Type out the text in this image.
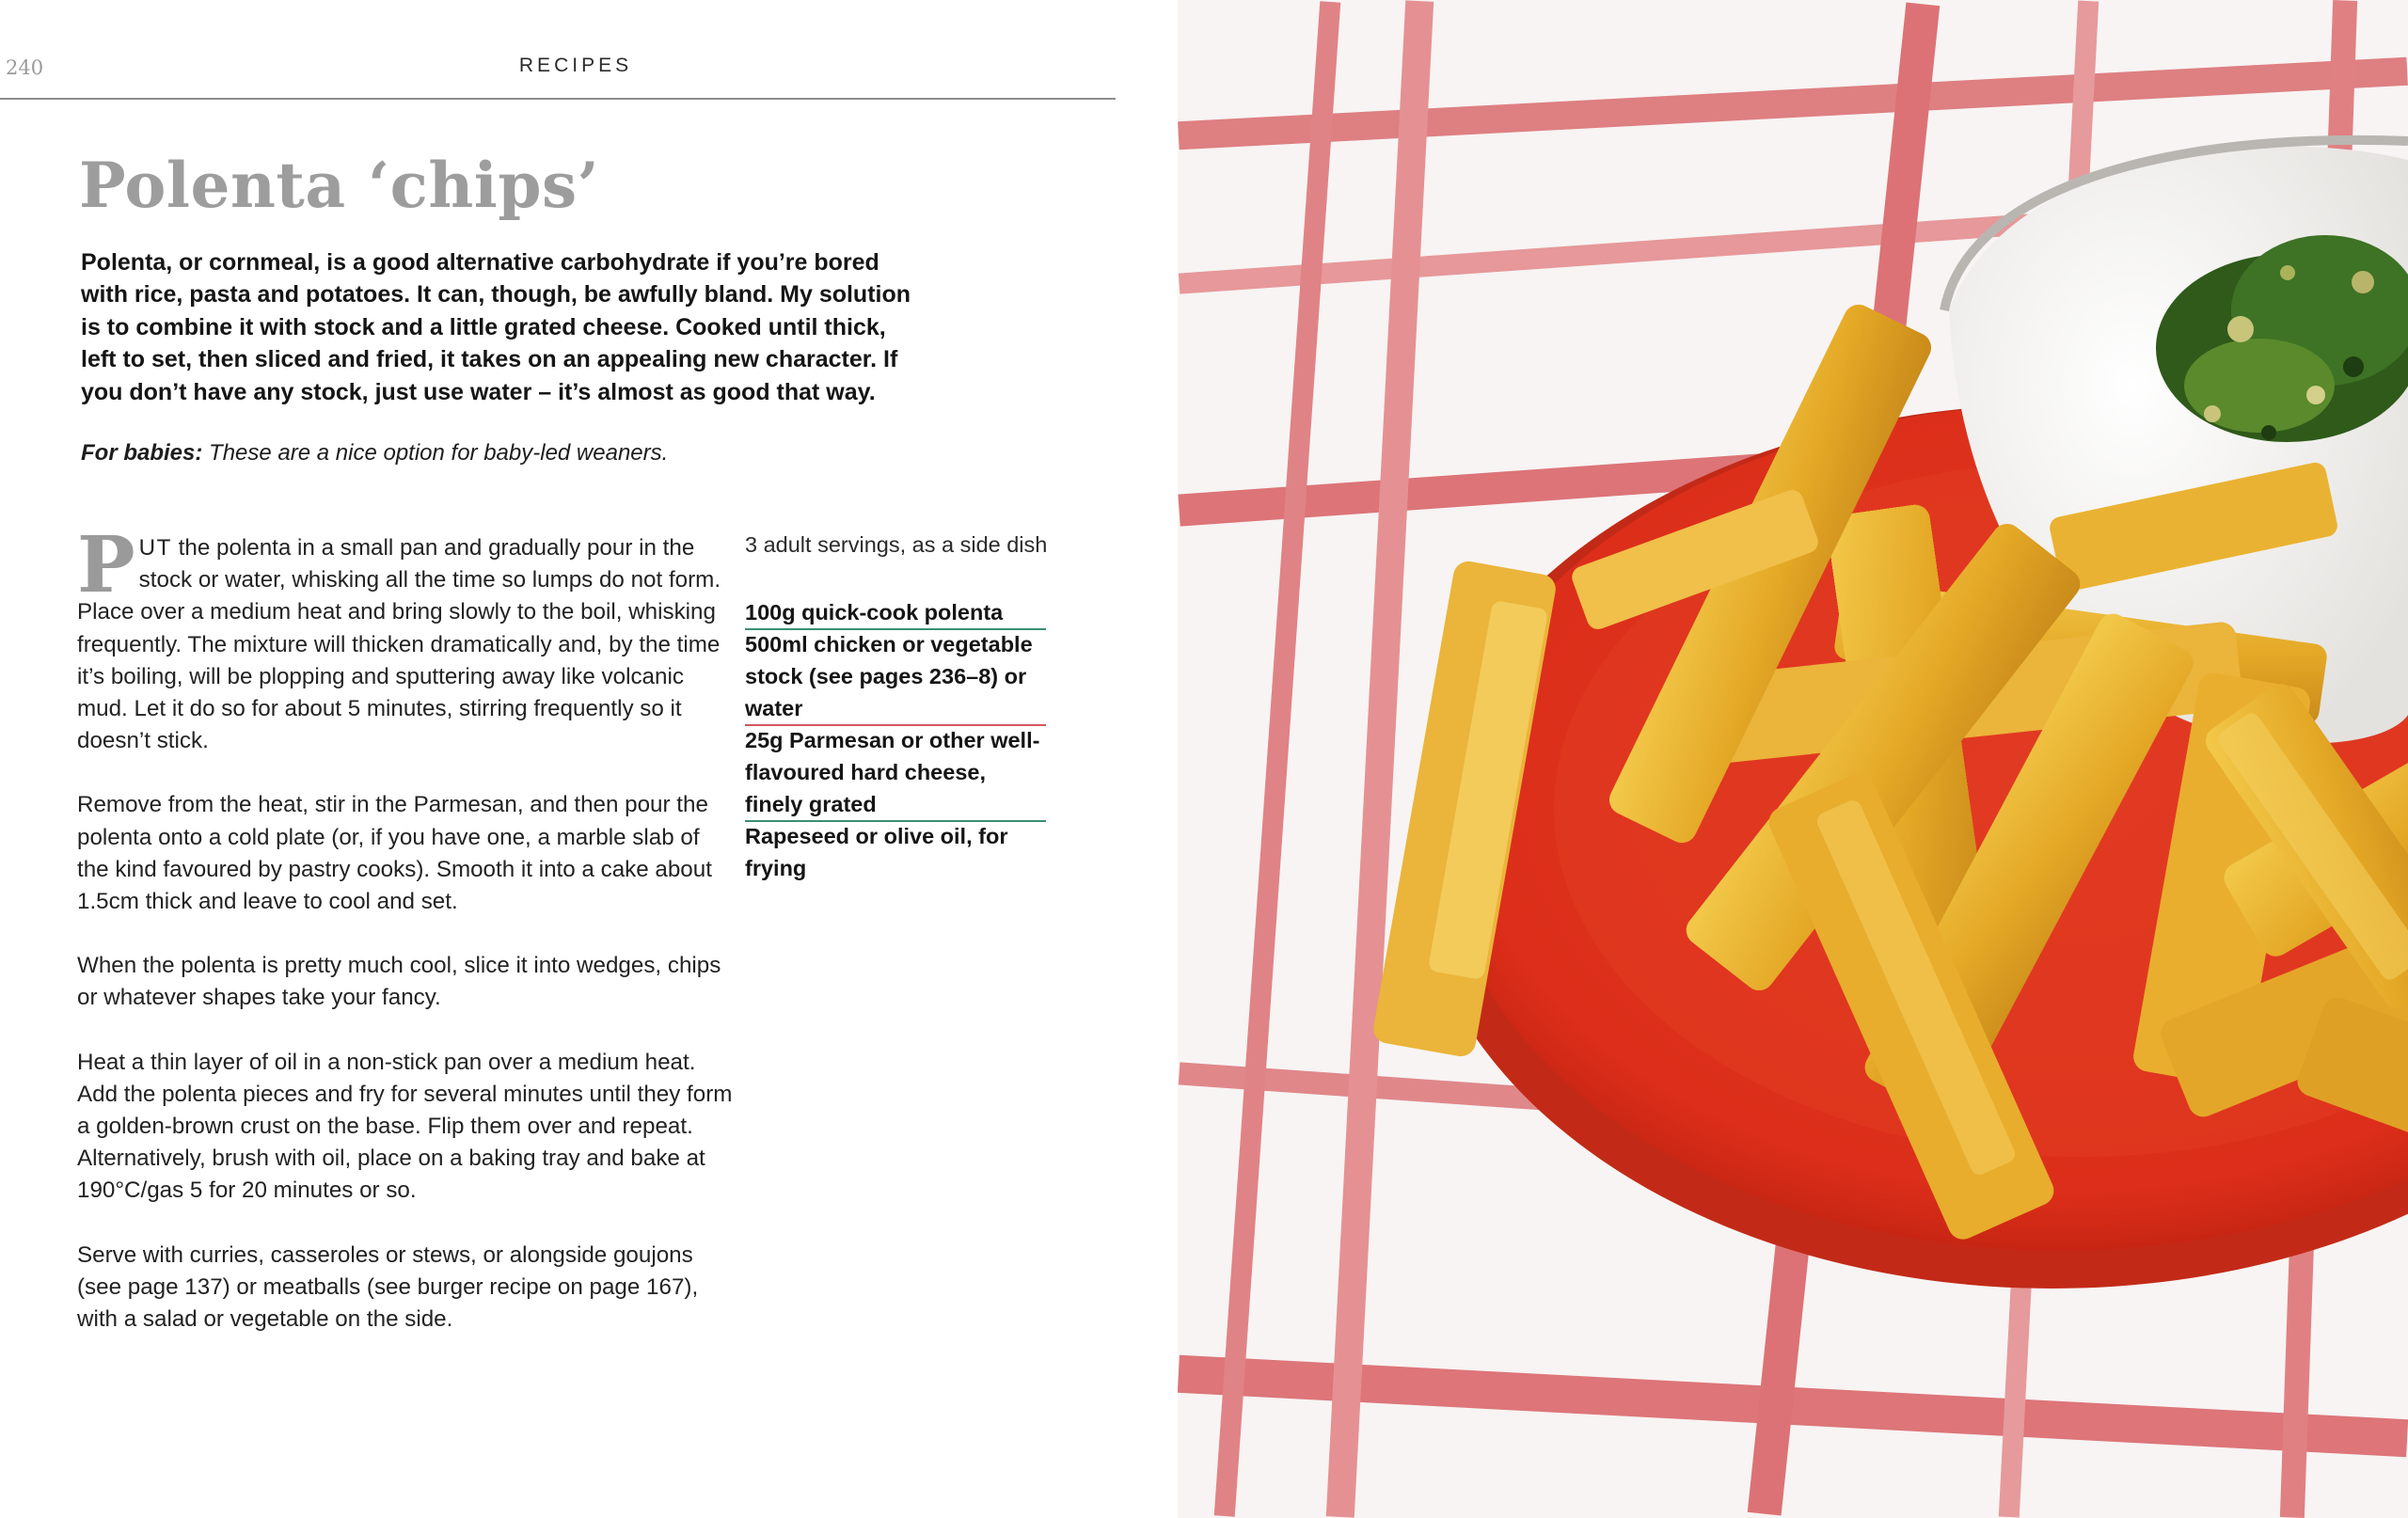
240	RECIPES
Polenta ‘chips’

Polenta, or cornmeal, is a good alternative carbohydrate if you’re bored with rice, pasta and potatoes. It can, though, be awfully bland. My solution is to combine it with stock and a little grated cheese. Cooked until thick, left to set, then sliced and fried, it takes on an appealing new character. If you don’t have any stock, just use water – it’s almost as good that way.

For babies: These are a nice option for baby-led weaners.

PUT the polenta in a small pan and gradually pour in the stock or water, whisking all the time so lumps do not form. Place over a medium heat and bring slowly to the boil, whisking frequently. The mixture will thicken dramatically and, by the time it’s boiling, will be plopping and sputtering away like volcanic mud. Let it do so for about 5 minutes, stirring frequently so it doesn’t stick.

Remove from the heat, stir in the Parmesan, and then pour the polenta onto a cold plate (or, if you have one, a marble slab of the kind favoured by pastry cooks). Smooth it into a cake about 1.5cm thick and leave to cool and set.

When the polenta is pretty much cool, slice it into wedges, chips or whatever shapes take your fancy.

Heat a thin layer of oil in a non-stick pan over a medium heat. Add the polenta pieces and fry for several minutes until they form a golden-brown crust on the base. Flip them over and repeat. Alternatively, brush with oil, place on a baking tray and bake at 190°C/gas 5 for 20 minutes or so.

Serve with curries, casseroles or stews, or alongside goujons (see page 137) or meatballs (see burger recipe on page 167), with a salad or vegetable on the side.

3 adult servings, as a side dish

100g quick-cook polenta
500ml chicken or vegetable stock (see pages 236–8) or water
25g Parmesan or other well-flavoured hard cheese, finely grated
Rapeseed or olive oil, for frying
